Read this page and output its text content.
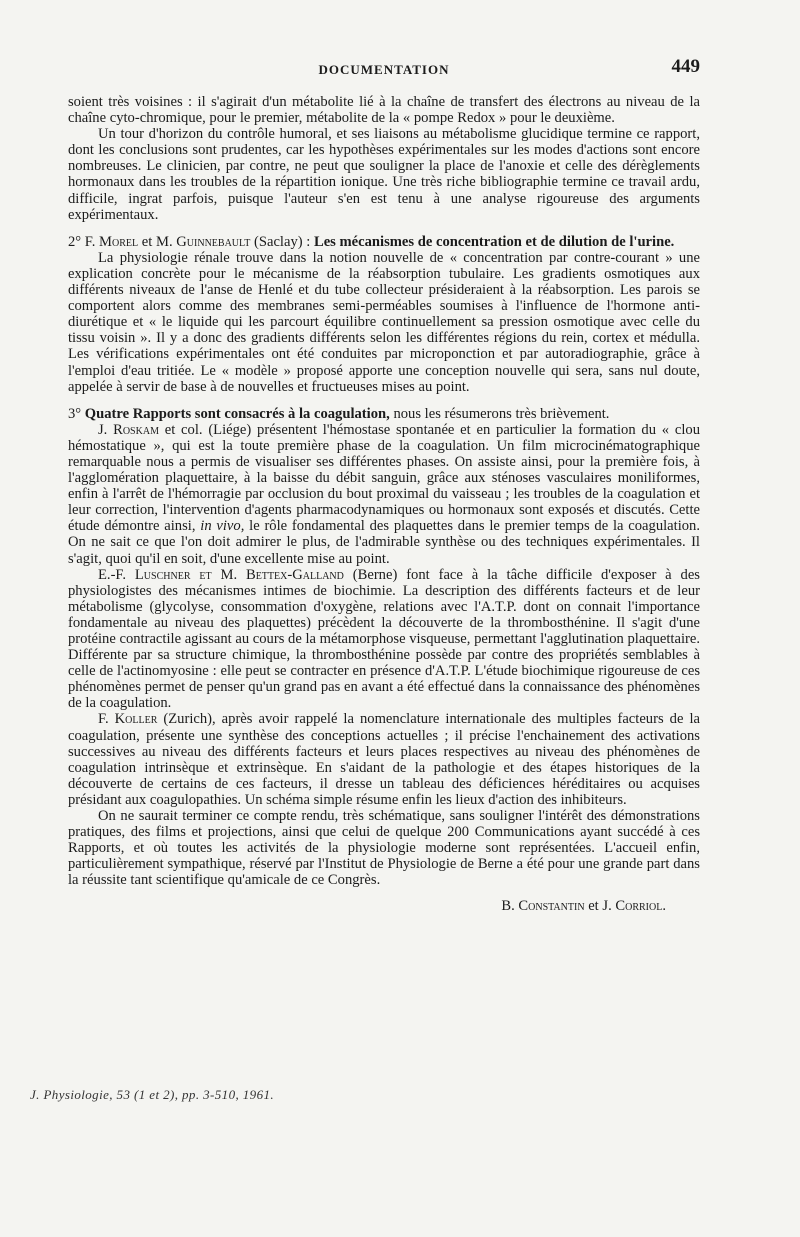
DOCUMENTATION	449

soient très voisines : il s'agirait d'un métabolite lié à la chaîne de transfert des électrons au niveau de la chaîne cyto-chromique, pour le premier, métabolite de la « pompe Redox » pour le deuxième.

Un tour d'horizon du contrôle humoral, et ses liaisons au métabolisme glucidique termine ce rapport, dont les conclusions sont prudentes, car les hypothèses expérimentales sur les modes d'actions sont encore nombreuses. Le clinicien, par contre, ne peut que souligner la place de l'anoxie et celle des dérèglements hormonaux dans les troubles de la répartition ionique. Une très riche bibliographie termine ce travail ardu, difficile, ingrat parfois, puisque l'auteur s'en est tenu à une analyse rigoureuse des arguments expérimentaux.

2° F. Morel et M. Guinnebault (Saclay) : Les mécanismes de concentration et de dilution de l'urine.

La physiologie rénale trouve dans la notion nouvelle de « concentration par contre-courant » une explication concrète pour le mécanisme de la réabsorption tubulaire. Les gradients osmotiques aux différents niveaux de l'anse de Henlé et du tube collecteur présideraient à la réabsorption. Les parois se comportent alors comme des membranes semi-perméables soumises à l'influence de l'hormone anti-diurétique et « le liquide qui les parcourt équilibre continuellement sa pression osmotique avec celle du tissu voisin ». Il y a donc des gradients différents selon les différentes régions du rein, cortex et médulla. Les vérifications expérimentales ont été conduites par microponction et par autoradiographie, grâce à l'emploi d'eau tritiée. Le « modèle » proposé apporte une conception nouvelle qui sera, sans nul doute, appelée à servir de base à de nouvelles et fructueuses mises au point.

3° Quatre Rapports sont consacrés à la coagulation, nous les résumerons très brièvement.

J. Roskam et col. (Liége) présentent l'hémostase spontanée et en particulier la formation du « clou hémostatique », qui est la toute première phase de la coagulation. Un film microcinématographique remarquable nous a permis de visualiser ses différentes phases. On assiste ainsi, pour la première fois, à l'agglomération plaquettaire, à la baisse du débit sanguin, grâce aux sténoses vasculaires moniliformes, enfin à l'arrêt de l'hémorragie par occlusion du bout proximal du vaisseau ; les troubles de la coagulation et leur correction, l'intervention d'agents pharmacodynamiques ou hormonaux sont exposés et discutés. Cette étude démontre ainsi, in vivo, le rôle fondamental des plaquettes dans le premier temps de la coagulation. On ne sait ce que l'on doit admirer le plus, de l'admirable synthèse ou des techniques expérimentales. Il s'agit, quoi qu'il en soit, d'une excellente mise au point.

E.-F. Luschner et M. Bettex-Galland (Berne) font face à la tâche difficile d'exposer à des physiologistes des mécanismes intimes de biochimie. La description des différents facteurs et de leur métabolisme (glycolyse, consommation d'oxygène, relations avec l'A.T.P. dont on connait l'importance fondamentale au niveau des plaquettes) précèdent la découverte de la thrombosthénine. Il s'agit d'une protéine contractile agissant au cours de la métamorphose visqueuse, permettant l'agglutination plaquettaire. Différente par sa structure chimique, la thrombosthénine possède par contre des propriétés semblables à celle de l'actinomyosine : elle peut se contracter en présence d'A.T.P. L'étude biochimique rigoureuse de ces phénomènes permet de penser qu'un grand pas en avant a été effectué dans la connaissance des phénomènes de la coagulation.

F. Koller (Zurich), après avoir rappelé la nomenclature internationale des multiples facteurs de la coagulation, présente une synthèse des conceptions actuelles ; il précise l'enchainement des activations successives au niveau des différents facteurs et leurs places respectives au niveau des phénomènes de coagulation intrinsèque et extrinsèque. En s'aidant de la pathologie et des étapes historiques de la découverte de certains de ces facteurs, il dresse un tableau des déficiences héréditaires ou acquises présidant aux coagulopathies. Un schéma simple résume enfin les lieux d'action des inhibiteurs.

On ne saurait terminer ce compte rendu, très schématique, sans souligner l'intérêt des démonstrations pratiques, des films et projections, ainsi que celui de quelque 200 Communications ayant succédé à ces Rapports, et où toutes les activités de la physiologie moderne sont représentées. L'accueil enfin, particulièrement sympathique, réservé par l'Institut de Physiologie de Berne a été pour une grande part dans la réussite tant scientifique qu'amicale de ce Congrès.

B. Constantin et J. Corriol.
J. Physiologie, 53 (1 et 2), pp. 3-510, 1961.
